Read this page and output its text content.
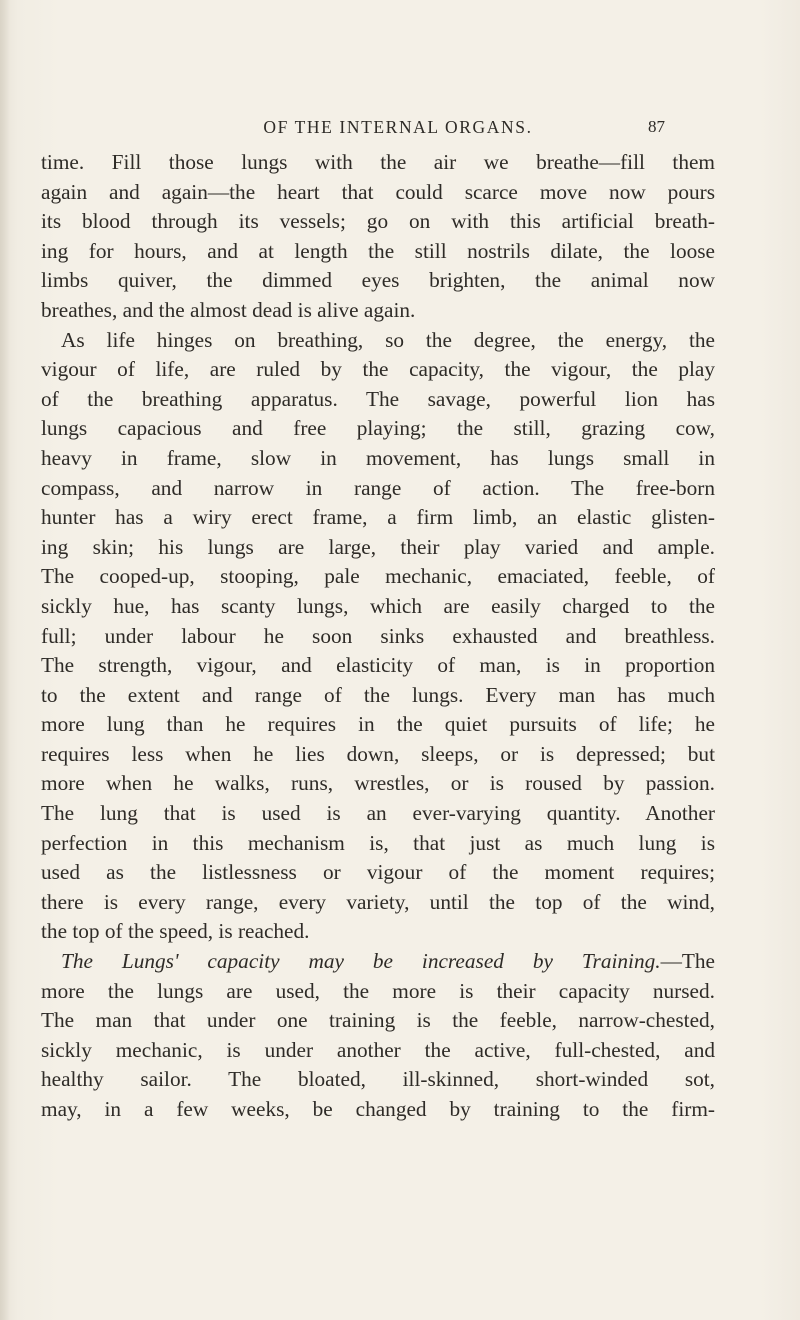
OF THE INTERNAL ORGANS.	87
time. Fill those lungs with the air we breathe—fill them
again and again—the heart that could scarce move now pours
its blood through its vessels; go on with this artificial breath-
ing for hours, and at length the still nostrils dilate, the loose
limbs quiver, the dimmed eyes brighten, the animal now
breathes, and the almost dead is alive again.
As life hinges on breathing, so the degree, the energy, the
vigour of life, are ruled by the capacity, the vigour, the play
of the breathing apparatus. The savage, powerful lion has
lungs capacious and free playing; the still, grazing cow,
heavy in frame, slow in movement, has lungs small in
compass, and narrow in range of action. The free-born
hunter has a wiry erect frame, a firm limb, an elastic glisten-
ing skin; his lungs are large, their play varied and ample.
The cooped-up, stooping, pale mechanic, emaciated, feeble, of
sickly hue, has scanty lungs, which are easily charged to the
full; under labour he soon sinks exhausted and breathless.
The strength, vigour, and elasticity of man, is in proportion
to the extent and range of the lungs. Every man has much
more lung than he requires in the quiet pursuits of life; he
requires less when he lies down, sleeps, or is depressed; but
more when he walks, runs, wrestles, or is roused by passion.
The lung that is used is an ever-varying quantity. Another
perfection in this mechanism is, that just as much lung is
used as the listlessness or vigour of the moment requires;
there is every range, every variety, until the top of the wind,
the top of the speed, is reached.
The Lungs' capacity may be increased by Training.—The
more the lungs are used, the more is their capacity nursed.
The man that under one training is the feeble, narrow-chested,
sickly mechanic, is under another the active, full-chested, and
healthy sailor. The bloated, ill-skinned, short-winded sot,
may, in a few weeks, be changed by training to the firm-
